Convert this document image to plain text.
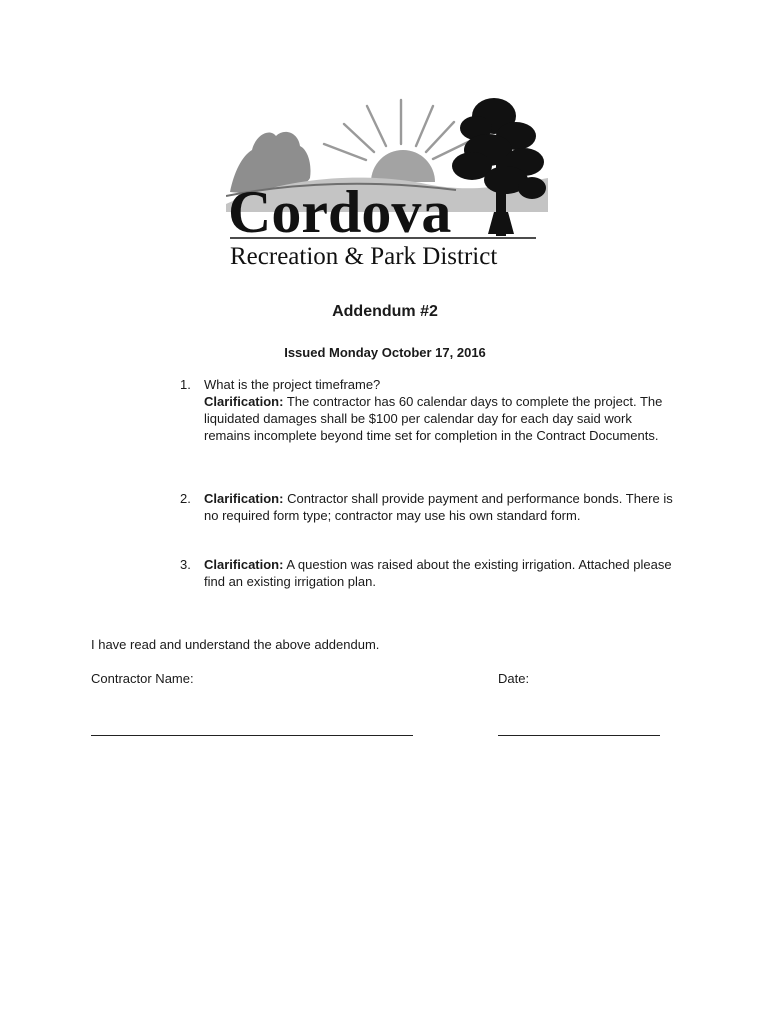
Cordova
Recreation & Park District
Addendum #2
Issued Monday October 17, 2016
1. What is the project timeframe?
Clarification: The contractor has 60 calendar days to complete the project. The liquidated damages shall be $100 per calendar day for each day said work remains incomplete beyond time set for completion in the Contract Documents.
2. Clarification: Contractor shall provide payment and performance bonds. There is no required form type; contractor may use his own standard form.
3. Clarification: A question was raised about the existing irrigation. Attached please find an existing irrigation plan.
I have read and understand the above addendum.
Contractor Name:	Date:
